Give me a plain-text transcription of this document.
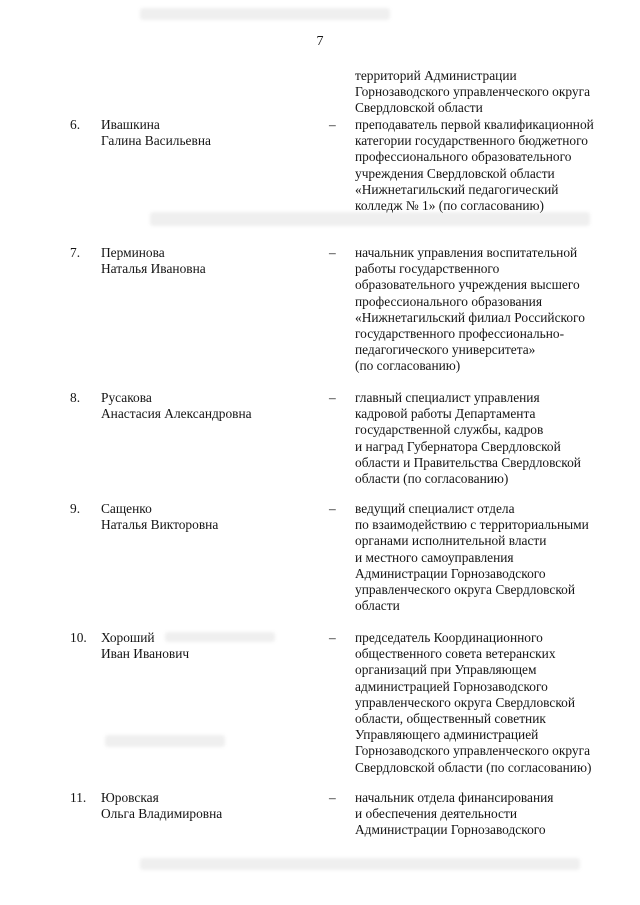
7
территорий Администрации
Горнозаводского управленческого округа
Свердловской области
6. Ивашкина
Галина Васильевна
– преподаватель первой квалификационной
категории государственного бюджетного
профессионального образовательного
учреждения Свердловской области
«Нижнетагильский педагогический
колледж № 1» (по согласованию)
7. Перминова
Наталья Ивановна
– начальник управления воспитательной
работы государственного
образовательного учреждения высшего
профессионального образования
«Нижнетагильский филиал Российского
государственного профессионально-
педагогического университета»
(по согласованию)
8. Русакова
Анастасия Александровна
– главный специалист управления
кадровой работы Департамента
государственной службы, кадров
и наград Губернатора Свердловской
области и Правительства Свердловской
области (по согласованию)
9. Сащенко
Наталья Викторовна
– ведущий специалист отдела
по взаимодействию с территориальными
органами исполнительной власти
и местного самоуправления
Администрации Горнозаводского
управленческого округа Свердловской
области
10. Хороший
Иван Иванович
– председатель Координационного
общественного совета ветеранских
организаций при Управляющем
администрацией Горнозаводского
управленческого округа Свердловской
области, общественный советник
Управляющего администрацией
Горнозаводского управленческого округа
Свердловской области (по согласованию)
11. Юровская
Ольга Владимировна
– начальник отдела финансирования
и обеспечения деятельности
Администрации Горнозаводского
